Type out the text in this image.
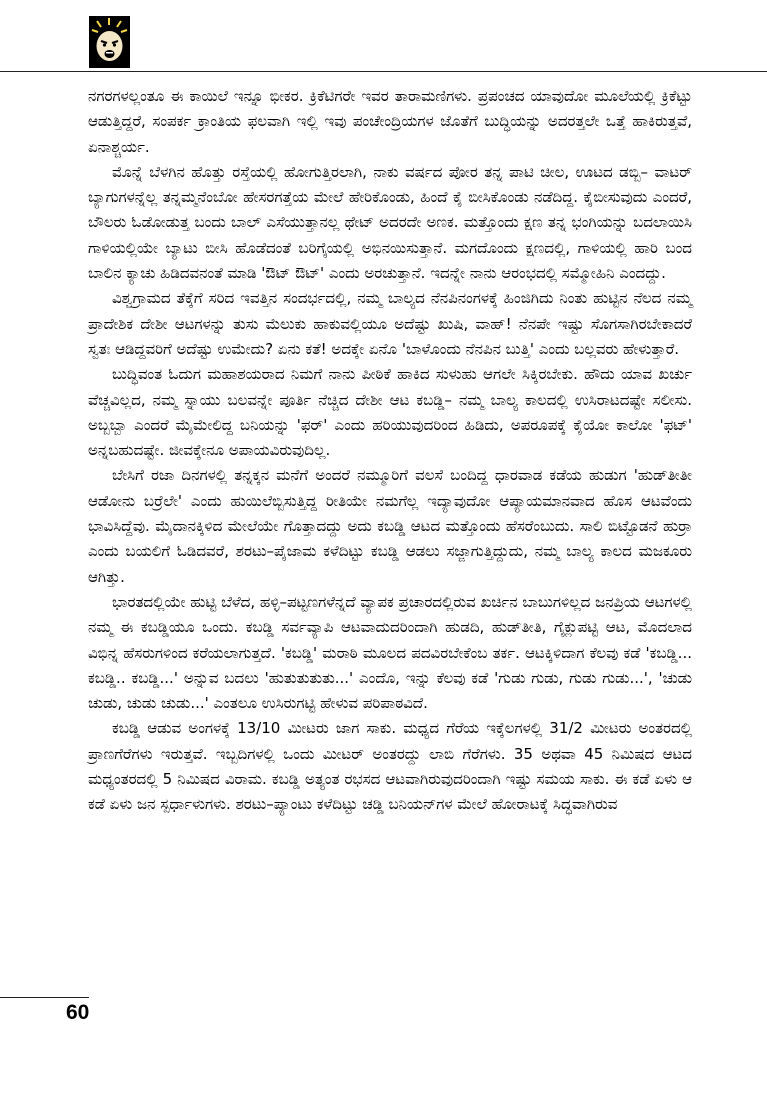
ನಗರಗಳಲ್ಲಂತೂ ಈ ಕಾಯಿಲೆ ಇನ್ನೂ ಭೀಕರ. ಕ್ರಿಕೆಟಿಗರೇ ಇವರ ತಾರಾಮಣಿಗಳು. ಪ್ರಪಂಚದ ಯಾವುದೋ ಮೂಲೆಯಲ್ಲಿ ಕ್ರಿಕೆಟ್ಟು ಆಡುತ್ತಿದ್ದರೆ, ಸಂಪರ್ಕ ಕ್ರಾಂತಿಯ ಫಲವಾಗಿ ಇಲ್ಲಿ ಇವು ಪಂಚೇಂದ್ರಿಯಗಳ ಜೊತೆಗೆ ಬುದ್ಧಿಯನ್ನು ಅದರತ್ತಲೇ ಒತ್ತೆ ಹಾಕಿರುತ್ತವೆ, ಏನಾಶ್ಚರ್ಯ.

ಮೊನ್ನೆ ಬೆಳಗಿನ ಹೊತ್ತು ರಸ್ತೆಯಲ್ಲಿ ಹೋಗುತ್ತಿರಲಾಗಿ, ನಾಕು ವರ್ಷದ ಪೋರ ತನ್ನ ಪಾಟಿ ಚೀಲ, ಊಟದ ಡಬ್ಬಿ– ವಾಟರ್ ಬ್ಯಾಗುಗಳನ್ನೆಲ್ಲ ತನ್ನಮ್ಮನೆಂಬೋ ಹೇಸರಗತ್ತೆಯ ಮೇಲೆ ಹೇರಿಕೊಂಡು, ಹಿಂದೆ ಕೈ ಬೀಸಿಕೊಂಡು ನಡೆದಿದ್ದ. ಕೈಬೀಸುವುದು ಎಂದರೆ, ಬೌಲರು ಓಡೋಡುತ್ತ ಬಂದು ಬಾಲ್ ಎಸೆಯುತ್ತಾನಲ್ಲ ಥೇಟ್ ಅದರದೇ ಅಣಕ. ಮತ್ತೊಂದು ಕ್ಷಣ ತನ್ನ ಭಂಗಿಯನ್ನು ಬದಲಾಯಿಸಿ ಗಾಳಿಯಲ್ಲಿಯೇ ಬ್ಯಾಟು ಬೀಸಿ ಹೊಡೆದಂತೆ ಬರಿಗೈಯಲ್ಲಿ ಅಭಿನಯಿಸುತ್ತಾನೆ. ಮಗದೊಂದು ಕ್ಷಣದಲ್ಲಿ, ಗಾಳಿಯಲ್ಲಿ ಹಾರಿ ಬಂದ ಬಾಲಿನ ಕ್ಯಾಚು ಹಿಡಿದವನಂತೆ ಮಾಡಿ 'ಔಟ್ ಔಟ್' ಎಂದು ಅರಚುತ್ತಾನೆ. ಇದನ್ನೇ ನಾನು ಆರಂಭದಲ್ಲಿ ಸಮ್ಮೋಹಿನಿ ಎಂದದ್ದು.

ವಿಶ್ವಗ್ರಾಮದ ತೆಕ್ಕೆಗೆ ಸರಿದ ಇವತ್ತಿನ ಸಂದರ್ಭದಲ್ಲಿ, ನಮ್ಮ ಬಾಲ್ಯದ ನೆನಪಿನಂಗಳಕ್ಕೆ ಹಿಂಜಿಗಿದು ನಿಂತು ಹುಟ್ಟಿನ ನೆಲದ ನಮ್ಮ ಪ್ರಾದೇಶಿಕ ದೇಶೀ ಆಟಗಳನ್ನು ತುಸು ಮೆಲುಕು ಹಾಕುವಲ್ಲಿಯೂ ಅದೆಷ್ಟು ಖುಷಿ, ವಾಹ್! ನೆನಪೇ ಇಷ್ಟು ಸೊಗಸಾಗಿರಬೇಕಾದರೆ ಸ್ವತಃ ಆಡಿದ್ದವರಿಗೆ ಅದೆಷ್ಟು ಉಮೇದು? ಏನು ಕತೆ! ಅದಕ್ಕೇ ಏನೊ 'ಬಾಳೊಂದು ನೆನಪಿನ ಬುತ್ತಿ' ಎಂದು ಬಲ್ಲವರು ಹೇಳುತ್ತಾರೆ.

ಬುದ್ಧಿವಂತ ಓದುಗ ಮಹಾಶಯರಾದ ನಿಮಗೆ ನಾನು ಪೀಠಿಕೆ ಹಾಕಿದ ಸುಳುಹು ಆಗಲೇ ಸಿಕ್ಕಿರಬೇಕು. ಹೌದು ಯಾವ ಖರ್ಚು ವೆಚ್ಚವಿಲ್ಲದ, ನಮ್ಮ ಸ್ನಾಯು ಬಲವನ್ನೇ ಪೂರ್ತಿ ನೆಚ್ಚಿದ ದೇಶೀ ಆಟ ಕಬಡ್ಡಿ– ನಮ್ಮ ಬಾಲ್ಯ ಕಾಲದಲ್ಲಿ ಉಸಿರಾಟದಷ್ಟೇ ಸಲೀಸು. ಅಬ್ಬಬ್ಬಾ ಎಂದರೆ ಮೈಮೇಲಿದ್ದ ಬನಿಯನ್ನು 'ಫರ್' ಎಂದು ಹರಿಯುವುದರಿಂದ ಹಿಡಿದು, ಅಪರೂಪಕ್ಕೆ ಕೈಯೋ ಕಾಲೋ 'ಫಟ್' ಅನ್ನಬಹುದಷ್ಟೇ. ಜೀವಕ್ಕೇನೂ ಅಪಾಯವಿರುವುದಿಲ್ಲ.

ಬೇಸಿಗೆ ರಜಾ ದಿನಗಳಲ್ಲಿ ತನ್ನಕ್ಕನ ಮನೆಗೆ ಅಂದರೆ ನಮ್ಮೂರಿಗೆ ವಲಸೆ ಬಂದಿದ್ದ ಧಾರವಾಡ ಕಡೆಯ ಹುಡುಗ 'ಹುಡ್‌ತೀತೀ ಆಡೋನು ಬರ್‍ರೆಲೇ' ಎಂದು ಹುಯಿಲೆಬ್ಬಿಸುತ್ತಿದ್ದ ರೀತಿಯೇ ನಮಗೆಲ್ಲ ಇದ್ಯಾವುದೋ ಆಪ್ಯಾಯಮಾನವಾದ ಹೊಸ ಆಟವೆಂದು ಭಾವಿಸಿದ್ದೆವು. ಮೈದಾನಕ್ಕಿಳಿದ ಮೇಲೆಯೇ ಗೊತ್ತಾದದ್ದು ಅದು ಕಬಡ್ಡಿ ಆಟದ ಮತ್ತೊಂದು ಹೆಸರೆಂಬುದು. ಸಾಲಿ ಬಿಟ್ಟೊಡನೆ ಹುರ್ರಾ ಎಂದು ಬಯಲಿಗೆ ಓಡಿದವರೆ, ಶರಟು–ಪೈಜಾಮ ಕಳೆದಿಟ್ಟು ಕಬಡ್ಡಿ ಆಡಲು ಸಜ್ಜಾಗುತ್ತಿದ್ದುದು, ನಮ್ಮ ಬಾಲ್ಯ ಕಾಲದ ಮಜಕೂರು ಆಗಿತ್ತು.

ಭಾರತದಲ್ಲಿಯೇ ಹುಟ್ಟಿ ಬೆಳೆದ, ಹಳ್ಳಿ–ಪಟ್ಟಣಗಳೆನ್ನದೆ ವ್ಯಾಪಕ ಪ್ರಚಾರದಲ್ಲಿರುವ ಖರ್ಚಿನ ಬಾಬುಗಳಿಲ್ಲದ ಜನಪ್ರಿಯ ಆಟಗಳಲ್ಲಿ ನಮ್ಮ ಈ ಕಬಡ್ಡಿಯೂ ಒಂದು. ಕಬಡ್ಡಿ ಸರ್ವವ್ಯಾಪಿ ಆಟವಾದುದರಿಂದಾಗಿ ಹುಡದಿ, ಹುಡ್‌ತೀತಿ, ಗೈಕ್ಲುಪಟ್ಟಿ ಆಟ, ಮೊದಲಾದ ವಿಭಿನ್ನ ಹೆಸರುಗಳಿಂದ ಕರೆಯಲಾಗುತ್ತದೆ. 'ಕಬಡ್ಡಿ' ಮರಾಠಿ ಮೂಲದ ಪದವಿರಬೇಕೆಂಬ ತರ್ಕ. ಆಟಕ್ಕಿಳಿದಾಗ ಕೆಲವು ಕಡೆ 'ಕಬಡ್ಡಿ... ಕಬಡ್ಡಿ.. ಕಬಡ್ಡಿ...' ಅನ್ನುವ ಬದಲು 'ಹುತುತುತುತು...' ಎಂದೊ, ಇನ್ನು ಕೆಲವು ಕಡೆ 'ಗುಡು ಗುಡು, ಗುಡು ಗುಡು...', 'ಚುಡು ಚುಡು, ಚುಡು ಚುಡು...' ಎಂತಲೂ ಉಸಿರುಗಟ್ಟಿ ಹೇಳುವ ಪರಿಪಾಠವಿದೆ.

ಕಬಡ್ಡಿ ಆಡುವ ಅಂಗಳಕ್ಕೆ 13/10 ಮೀಟರು ಜಾಗ ಸಾಕು. ಮಧ್ಯದ ಗೆರೆಯ ಇಕ್ಕೆಲಗಳಲ್ಲಿ 31/2 ಮೀಟರು ಅಂತರದಲ್ಲಿ ಪ್ರಾಣಗೆರೆಗಳು ಇರುತ್ತವೆ. ಇಬ್ಬದಿಗಳಲ್ಲಿ ಒಂದು ಮೀಟರ್ ಅಂತರದ್ದು ಲಾಬಿ ಗೆರೆಗಳು. 35 ಅಥವಾ 45 ನಿಮಿಷದ ಆಟದ ಮಧ್ಯಂತರದಲ್ಲಿ 5 ನಿಮಿಷದ ವಿರಾಮ. ಕಬಡ್ಡಿ ಅತ್ಯಂತ ರಭಸದ ಆಟವಾಗಿರುವುದರಿಂದಾಗಿ ಇಷ್ಟು ಸಮಯ ಸಾಕು. ಈ ಕಡೆ ಏಳು ಆ ಕಡೆ ಏಳು ಜನ ಸ್ಪರ್ಧಾಳುಗಳು. ಶರಟು–ಪ್ಯಾಂಟು ಕಳೆದಿಟ್ಟು ಚಡ್ಡಿ ಬನಿಯನ್‌ಗಳ ಮೇಲೆ ಹೋರಾಟಕ್ಕೆ ಸಿದ್ಧವಾಗಿರುವ

60
